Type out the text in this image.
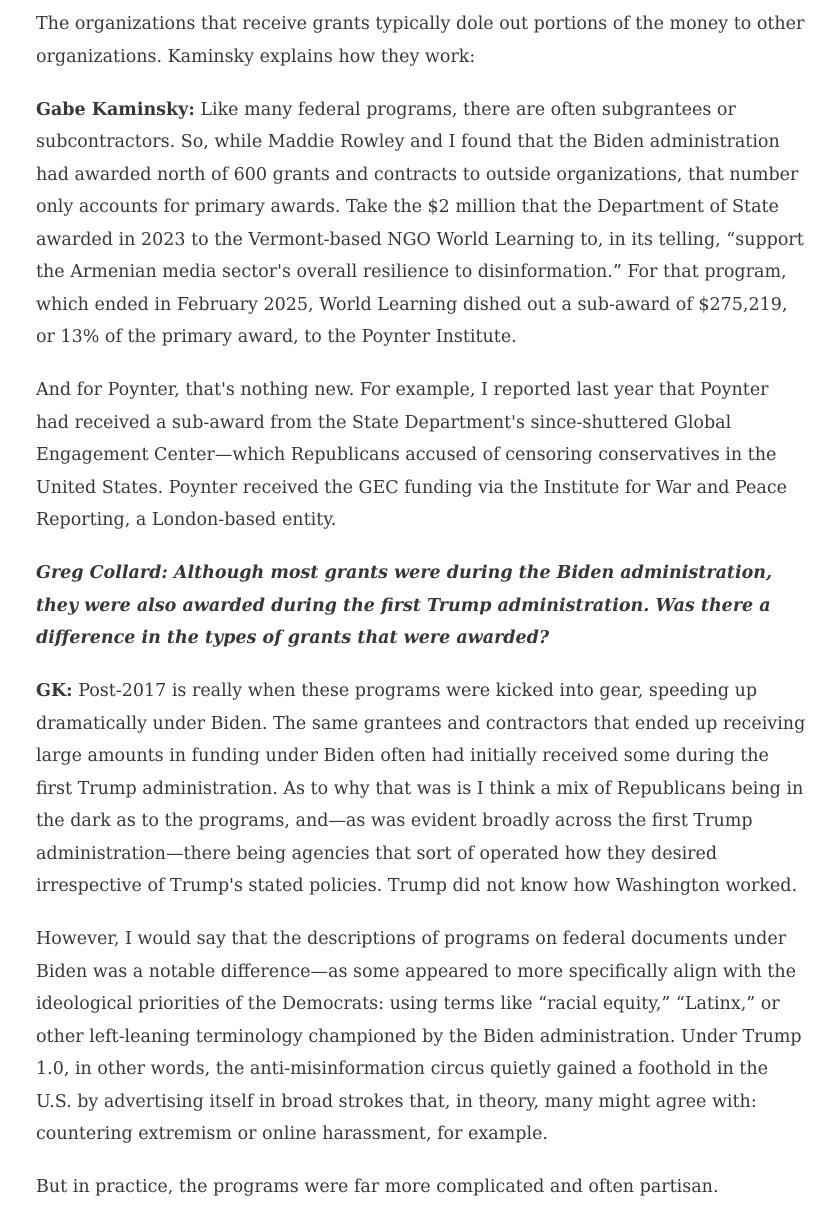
The organizations that receive grants typically dole out portions of the money to other organizations. Kaminsky explains how they work:

Gabe Kaminsky: Like many federal programs, there are often subgrantees or subcontractors. So, while Maddie Rowley and I found that the Biden administration had awarded north of 600 grants and contracts to outside organizations, that number only accounts for primary awards. Take the $2 million that the Department of State awarded in 2023 to the Vermont-based NGO World Learning to, in its telling, “support the Armenian media sector's overall resilience to disinformation.” For that program, which ended in February 2025, World Learning dished out a sub-award of $275,219, or 13% of the primary award, to the Poynter Institute.

And for Poynter, that's nothing new. For example, I reported last year that Poynter had received a sub-award from the State Department's since-shuttered Global Engagement Center—which Republicans accused of censoring conservatives in the United States. Poynter received the GEC funding via the Institute for War and Peace Reporting, a London-based entity.

Greg Collard: Although most grants were during the Biden administration, they were also awarded during the first Trump administration. Was there a difference in the types of grants that were awarded?

GK: Post-2017 is really when these programs were kicked into gear, speeding up dramatically under Biden. The same grantees and contractors that ended up receiving large amounts in funding under Biden often had initially received some during the first Trump administration. As to why that was is I think a mix of Republicans being in the dark as to the programs, and—as was evident broadly across the first Trump administration—there being agencies that sort of operated how they desired irrespective of Trump's stated policies. Trump did not know how Washington worked.

However, I would say that the descriptions of programs on federal documents under Biden was a notable difference—as some appeared to more specifically align with the ideological priorities of the Democrats: using terms like “racial equity,” “Latinx,” or other left-leaning terminology championed by the Biden administration. Under Trump 1.0, in other words, the anti-misinformation circus quietly gained a foothold in the U.S. by advertising itself in broad strokes that, in theory, many might agree with: countering extremism or online harassment, for example.

But in practice, the programs were far more complicated and often partisan.
